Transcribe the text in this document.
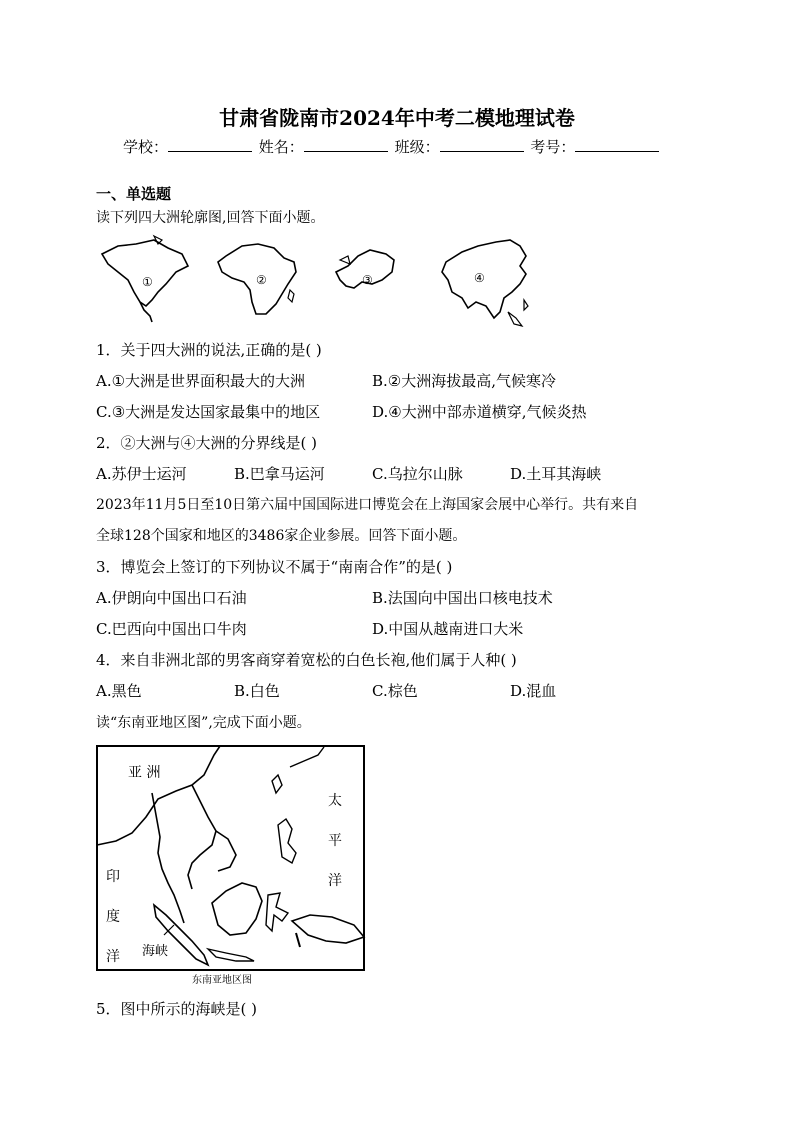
甘肃省陇南市2024年中考二模地理试卷
学校：	姓名：	班级：	考号：
一、单选题
读下列四大洲轮廓图,回答下面小题。
①	②	③	④
1．关于四大洲的说法,正确的是( )
A.①大洲是世界面积最大的大洲	B.②大洲海拔最高,气候寒冷
C.③大洲是发达国家最集中的地区	D.④大洲中部赤道横穿,气候炎热
2．②大洲与④大洲的分界线是( )
A.苏伊士运河	B.巴拿马运河	C.乌拉尔山脉	D.土耳其海峡
2023年11月5日至10日第六届中国国际进口博览会在上海国家会展中心举行。共有来自
全球128个国家和地区的3486家企业参展。回答下面小题。
3．博览会上签订的下列协议不属于“南南合作”的是( )
A.伊朗向中国出口石油	B.法国向中国出口核电技术
C.巴西向中国出口牛肉	D.中国从越南进口大米
4．来自非洲北部的男客商穿着宽松的白色长袍,他们属于人种( )
A.黑色	B.白色	C.棕色	D.混血
读“东南亚地区图”,完成下面小题。
亚 洲
太
平
洋
印
度
洋 海峡
东南亚地区图
5．图中所示的海峡是( )
